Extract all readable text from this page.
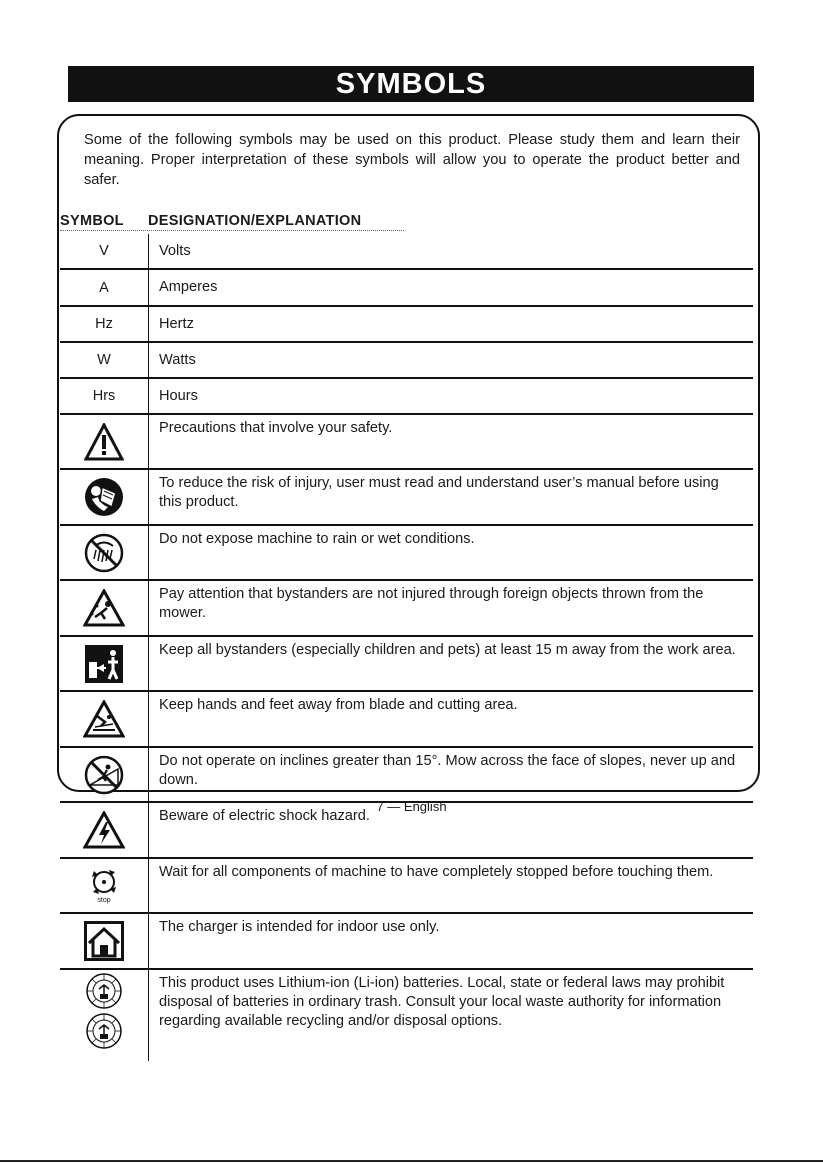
SYMBOLS
Some of the following symbols may be used on this product. Please study them and learn their meaning. Proper interpretation of these symbols will allow you to operate the product better and safer.
SYMBOL DESIGNATION/EXPLANATION
V	Volts
A	Amperes
Hz	Hertz
W	Watts
Hrs	Hours
Precautions that involve your safety.
To reduce the risk of injury, user must read and understand user’s manual before using this product.
Do not expose machine to rain or wet conditions.
Pay attention that bystanders are not injured through foreign objects thrown from the mower.
Keep all bystanders (especially children and pets) at least 15 m away from the work area.
Keep hands and feet away from blade and cutting area.
Do not operate on inclines greater than 15°. Mow across the face of slopes, never up and down.
Beware of electric shock hazard.
stop
Wait for all components of machine to have completely stopped before touching them.
The charger is intended for indoor use only.
This product uses Lithium-ion (Li-ion) batteries. Local, state or federal laws may prohibit disposal of batteries in ordinary trash. Consult your local waste authority for information regarding available recycling and/or disposal options.
7 — English
